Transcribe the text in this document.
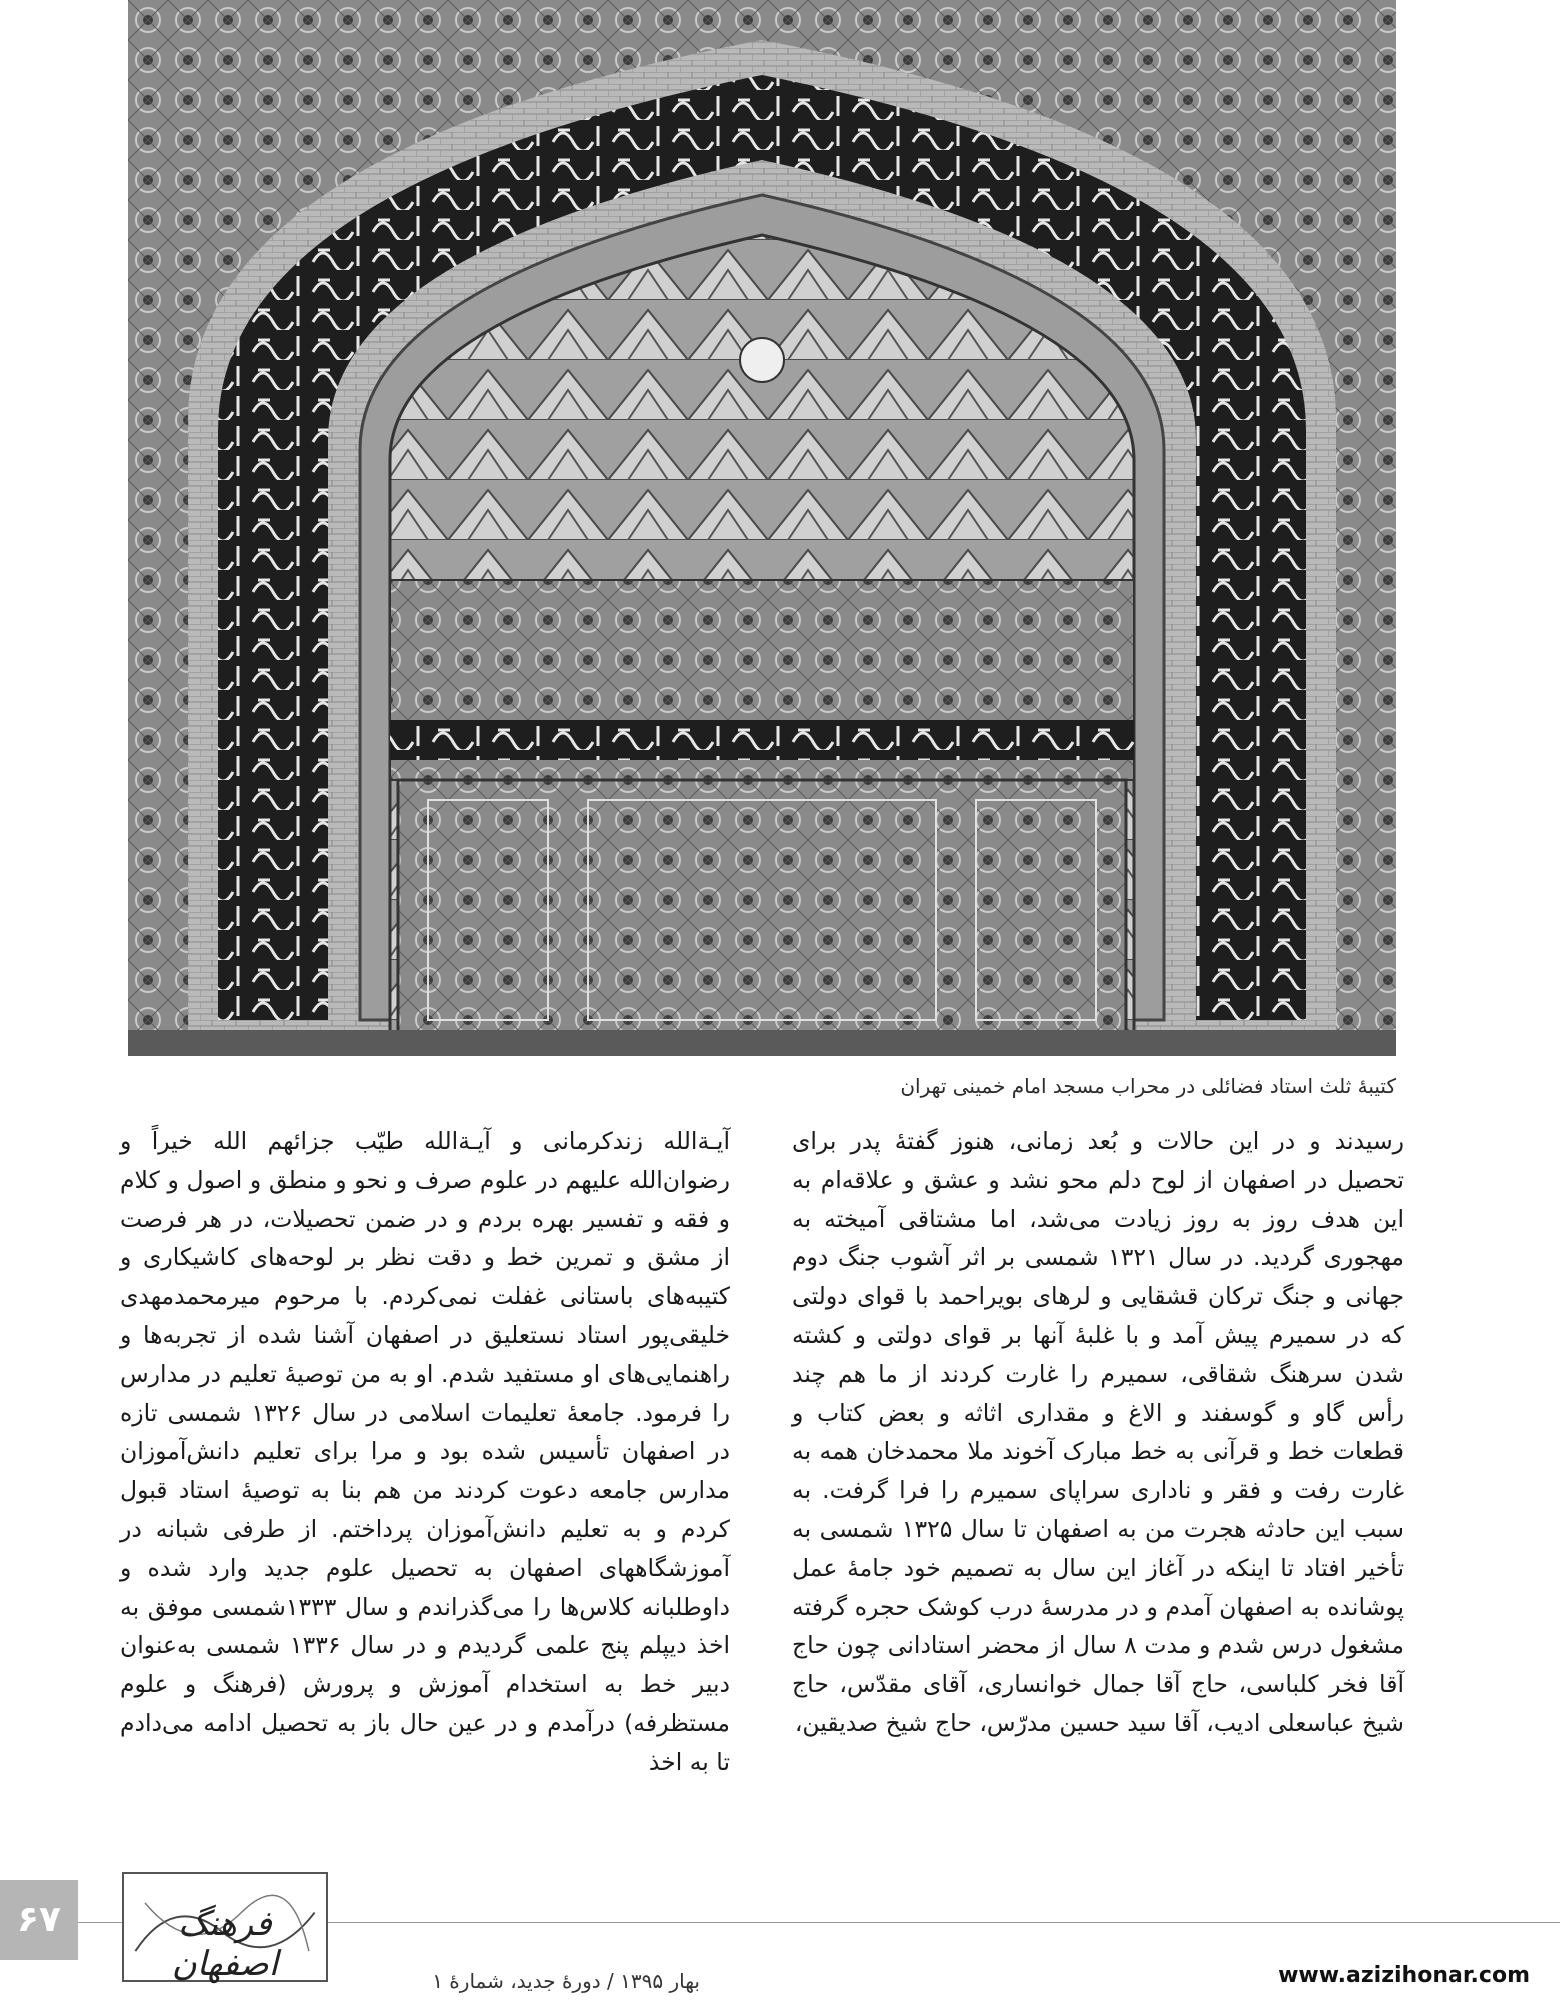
کتیبۀ ثلث استاد فضائلی در محراب مسجد امام خمینی تهران

رسیدند و در این حالات و بُعد زمانی، هنوز گفتۀ پدر برای تحصیل در اصفهان از لوح دلم محو نشد و عشق و علاقه‌ام به این هدف روز به روز زیادت می‌شد، اما مشتاقی آمیخته به مهجوری گردید. در سال ۱۳۲۱ شمسی بر اثر آشوب جنگ دوم جهانی و جنگ ترکان قشقایی و لرهای بویراحمد با قوای دولتی که در سمیرم پیش آمد و با غلبۀ آنها بر قوای دولتی و کشته شدن سرهنگ شقاقی، سمیرم را غارت کردند از ما هم چند رأس گاو و گوسفند و الاغ و مقداری اثاثه و بعض کتاب و قطعات خط و قرآنی به خط مبارک آخوند ملا محمدخان همه به غارت رفت و فقر و ناداری سراپای سمیرم را فرا گرفت. به سبب این حادثه هجرت من به اصفهان تا سال ۱۳۲۵ شمسی به تأخیر افتاد تا اینکه در آغاز این سال به تصمیم خود جامۀ عمل پوشانده به اصفهان آمدم و در مدرسۀ درب کوشک حجره گرفته مشغول درس شدم و مدت ۸ سال از محضر استادانی چون حاج آقا فخر کلباسی، حاج آقا جمال خوانساری، آقای مقدّس، حاج شیخ عباسعلی ادیب، آقا سید حسین مدرّس، حاج شیخ صدیقین،

آیـةالله زندکرمانی و آیـةالله طیّب جزائهم الله خیراً و رضوان‌الله علیهم در علوم صرف و نحو و منطق و اصول و کلام و فقه و تفسیر بهره بردم و در ضمن تحصیلات، در هر فرصت از مشق و تمرین خط و دقت نظر بر لوحه‌های کاشیکاری و کتیبه‌های باستانی غفلت نمی‌کردم. با مرحوم میرمحمدمهدی خلیقی‌پور استاد نستعلیق در اصفهان آشنا شده از تجربه‌ها و راهنمایی‌های او مستفید شدم. او به من توصیۀ تعلیم در مدارس را فرمود. جامعۀ تعلیمات اسلامی در سال ۱۳۲۶ شمسی تازه در اصفهان تأسیس شده بود و مرا برای تعلیم دانش‌آموزان مدارس جامعه دعوت کردند من هم بنا به توصیۀ استاد قبول کردم و به تعلیم دانش‌آموزان پرداختم. از طرفی شبانه در آموزشگاههای اصفهان به تحصیل علوم جدید وارد شده و داوطلبانه کلاس‌ها را می‌گذراندم و سال ۱۳۳۳شمسی موفق به اخذ دیپلم پنج علمی گردیدم و در سال ۱۳۳۶ شمسی به‌عنوان دبیر خط به استخدام آموزش و پرورش (فرهنگ و علوم مستظرفه) درآمدم و در عین حال باز به تحصیل ادامه می‌دادم تا به اخذ

۶۷	فرهنگ اصفهان	بهار ۱۳۹۵ / دورۀ جدید، شمارۀ ۱	www.azizihonar.com
